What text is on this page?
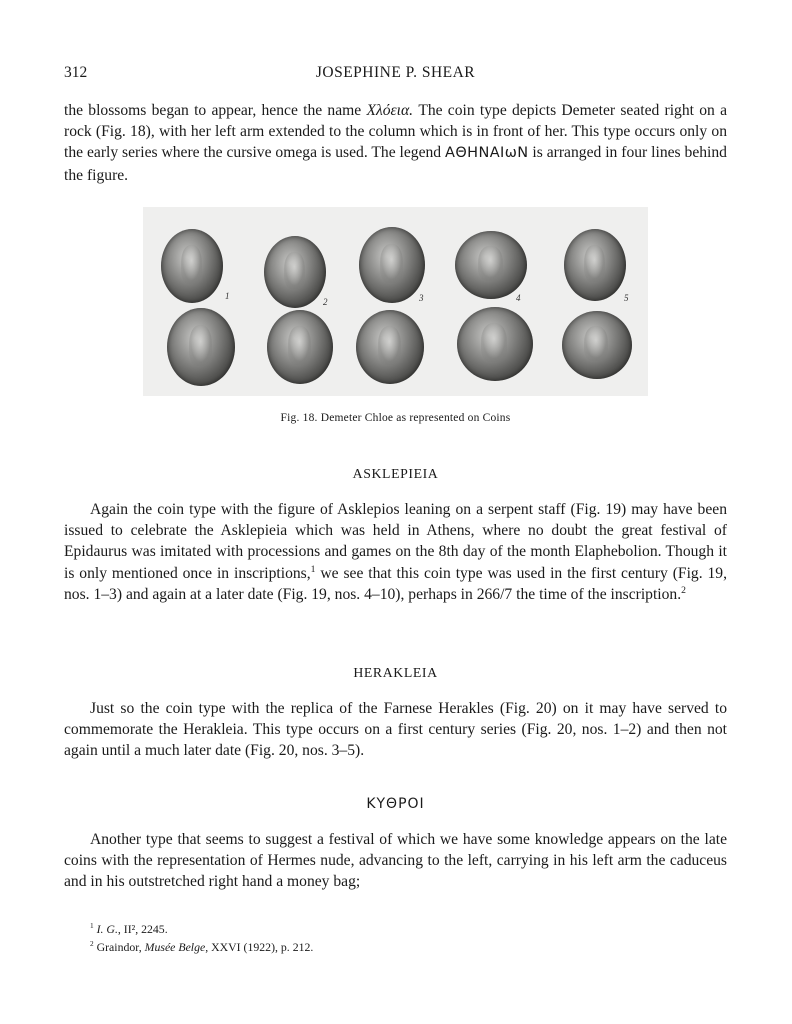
312	JOSEPHINE P. SHEAR

the blossoms began to appear, hence the name Χλόεια. The coin type depicts Demeter seated right on a rock (Fig. 18), with her left arm extended to the column which is in front of her. This type occurs only on the early series where the cursive omega is used. The legend ΑΘΗΝΑΙωΝ is arranged in four lines behind the figure.

1
2	3	4	5
Fig. 18. Demeter Chloe as represented on Coins
ASKLEPIEIA

Again the coin type with the figure of Asklepios leaning on a serpent staff (Fig. 19) may have been issued to celebrate the Asklepieia which was held in Athens, where no doubt the great festival of Epidaurus was imitated with processions and games on the 8th day of the month Elaphebolion. Though it is only mentioned once in inscriptions,$^1$ we see that this coin type was used in the first century (Fig. 19, nos. 1–3) and again at a later date (Fig. 19, nos. 4–10), perhaps in 266/7 the time of the inscription.$^2$

HERAKLEIA

Just so the coin type with the replica of the Farnese Herakles (Fig. 20) on it may have served to commemorate the Herakleia. This type occurs on a first century series (Fig. 20, nos. 1–2) and then not again until a much later date (Fig. 20, nos. 3–5).

ΚΥΘΡΟΙ

Another type that seems to suggest a festival of which we have some knowledge appears on the late coins with the representation of Hermes nude, advancing to the left, carrying in his left arm the caduceus and in his outstretched right hand a money bag;

$^1$ I. G., II², 2245.
$^2$ Graindor, Musée Belge, XXVI (1922), p. 212.
